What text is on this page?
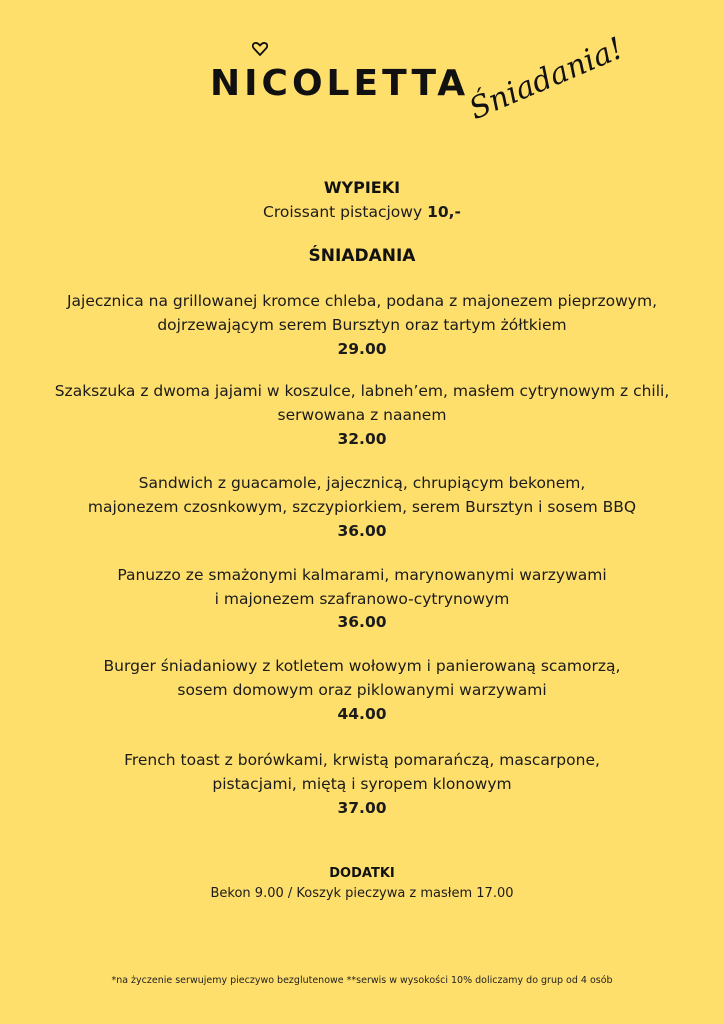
NICOLETTA
Śniadania!
WYPIEKI
Croissant pistacjowy 10,-
ŚNIADANIA
Jajecznica na grillowanej kromce chleba, podana z majonezem pieprzowym,
dojrzewającym serem Bursztyn oraz tartym żółtkiem
29.00
Szakszuka z dwoma jajami w koszulce, labneh’em, masłem cytrynowym z chili,
serwowana z naanem
32.00
Sandwich z guacamole, jajecznicą, chrupiącym bekonem,
majonezem czosnkowym, szczypiorkiem, serem Bursztyn i sosem BBQ
36.00
Panuzzo ze smażonymi kalmarami, marynowanymi warzywami
i majonezem szafranowo-cytrynowym
36.00
Burger śniadaniowy z kotletem wołowym i panierowaną scamorzą,
sosem domowym oraz piklowanymi warzywami
44.00
French toast z borówkami, krwistą pomarańczą, mascarpone,
pistacjami, miętą i syropem klonowym
37.00
DODATKI
Bekon 9.00 / Koszyk pieczywa z masłem 17.00
*na życzenie serwujemy pieczywo bezglutenowe **serwis w wysokości 10% doliczamy do grup od 4 osób
